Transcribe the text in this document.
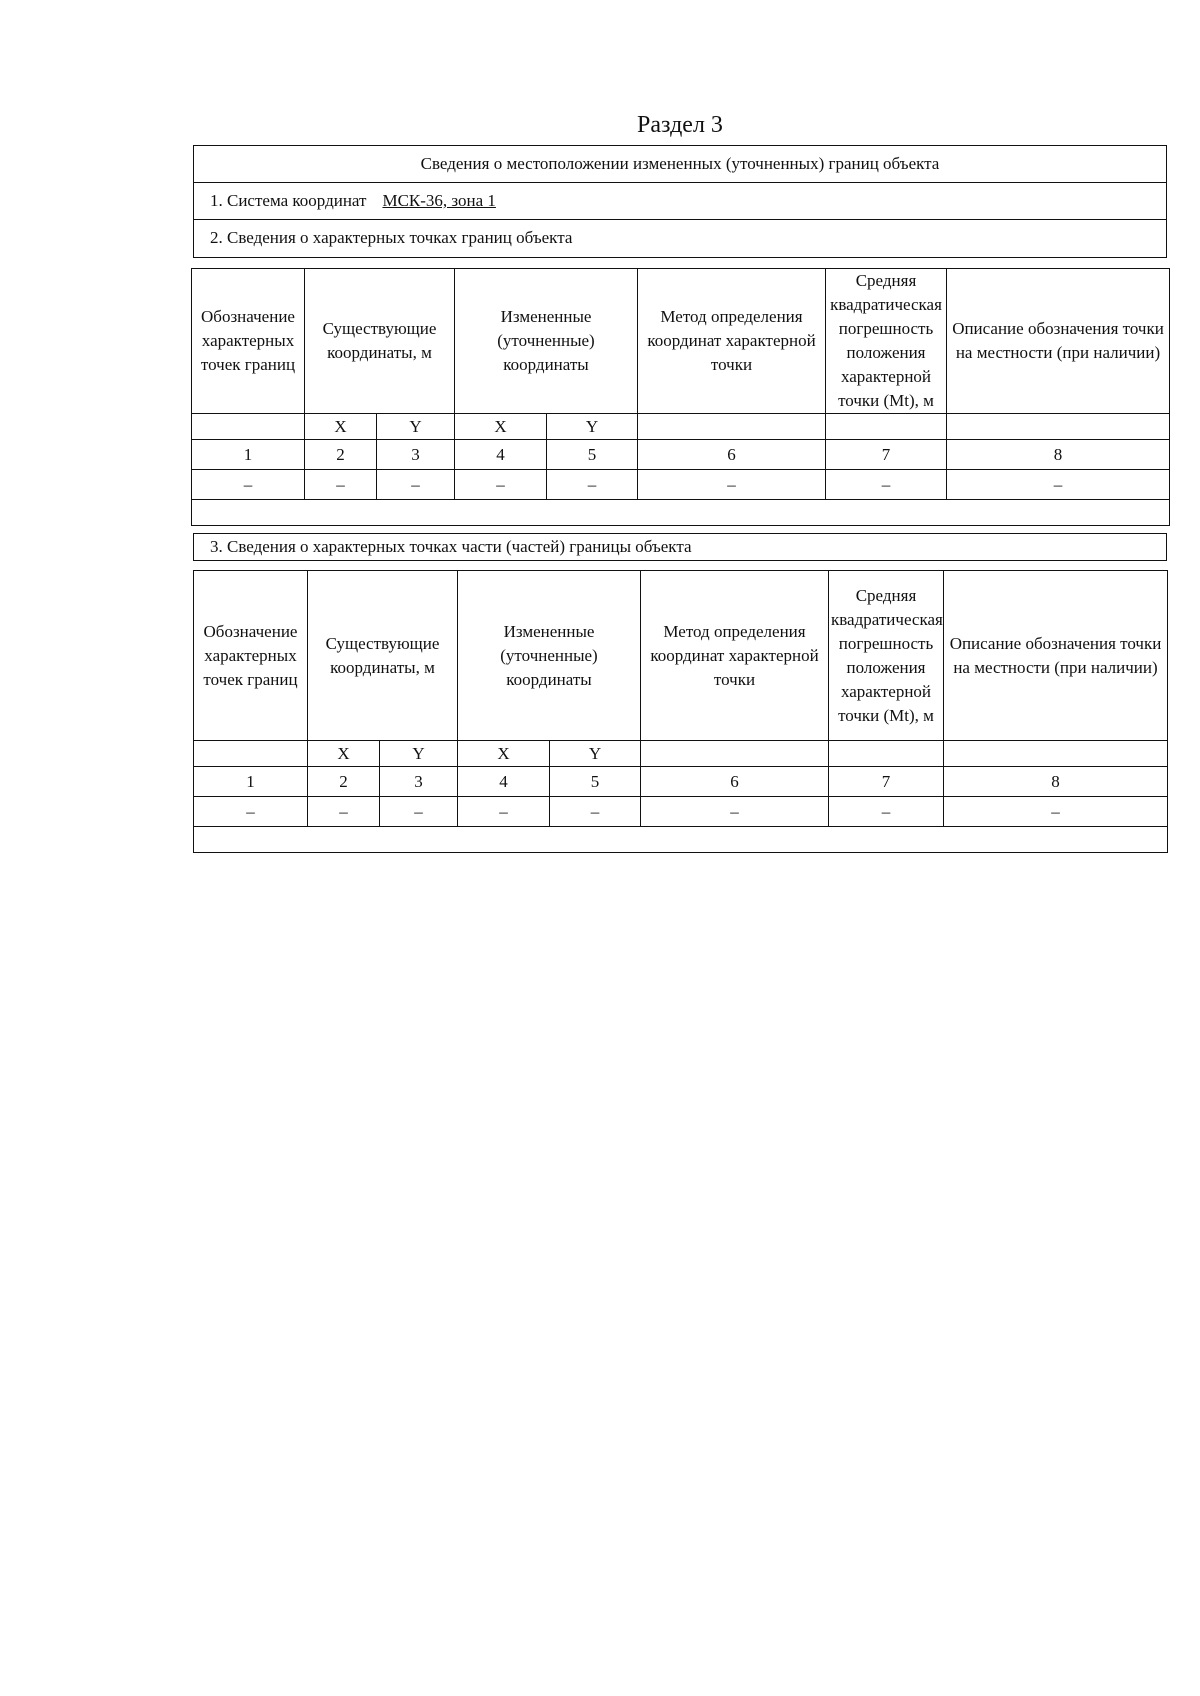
Раздел 3
Сведения о местоположении измененных (уточненных) границ объекта
1. Система координат МСК-36, зона 1
2. Сведения о характерных точках границ объекта
Обозначение характерных точек границ	Существующие координаты, м		Измененные (уточненные) координаты		Метод определения координат характерной точки	Средняя квадратическая погрешность положения характерной точки (Mt), м	Описание обозначения точки на местности (при наличии)
	X	Y	X	Y			
1	2	3	4	5	6	7	8
–	–	–	–	–	–	–	–

3. Сведения о характерных точках части (частей) границы объекта
Обозначение характерных точек границ	Существующие координаты, м		Измененные (уточненные) координаты		Метод определения координат характерной точки	Средняя квадратическая погрешность положения характерной точки (Mt), м	Описание обозначения точки на местности (при наличии)
	X	Y	X	Y			
1	2	3	4	5	6	7	8
–	–	–	–	–	–	–	–
